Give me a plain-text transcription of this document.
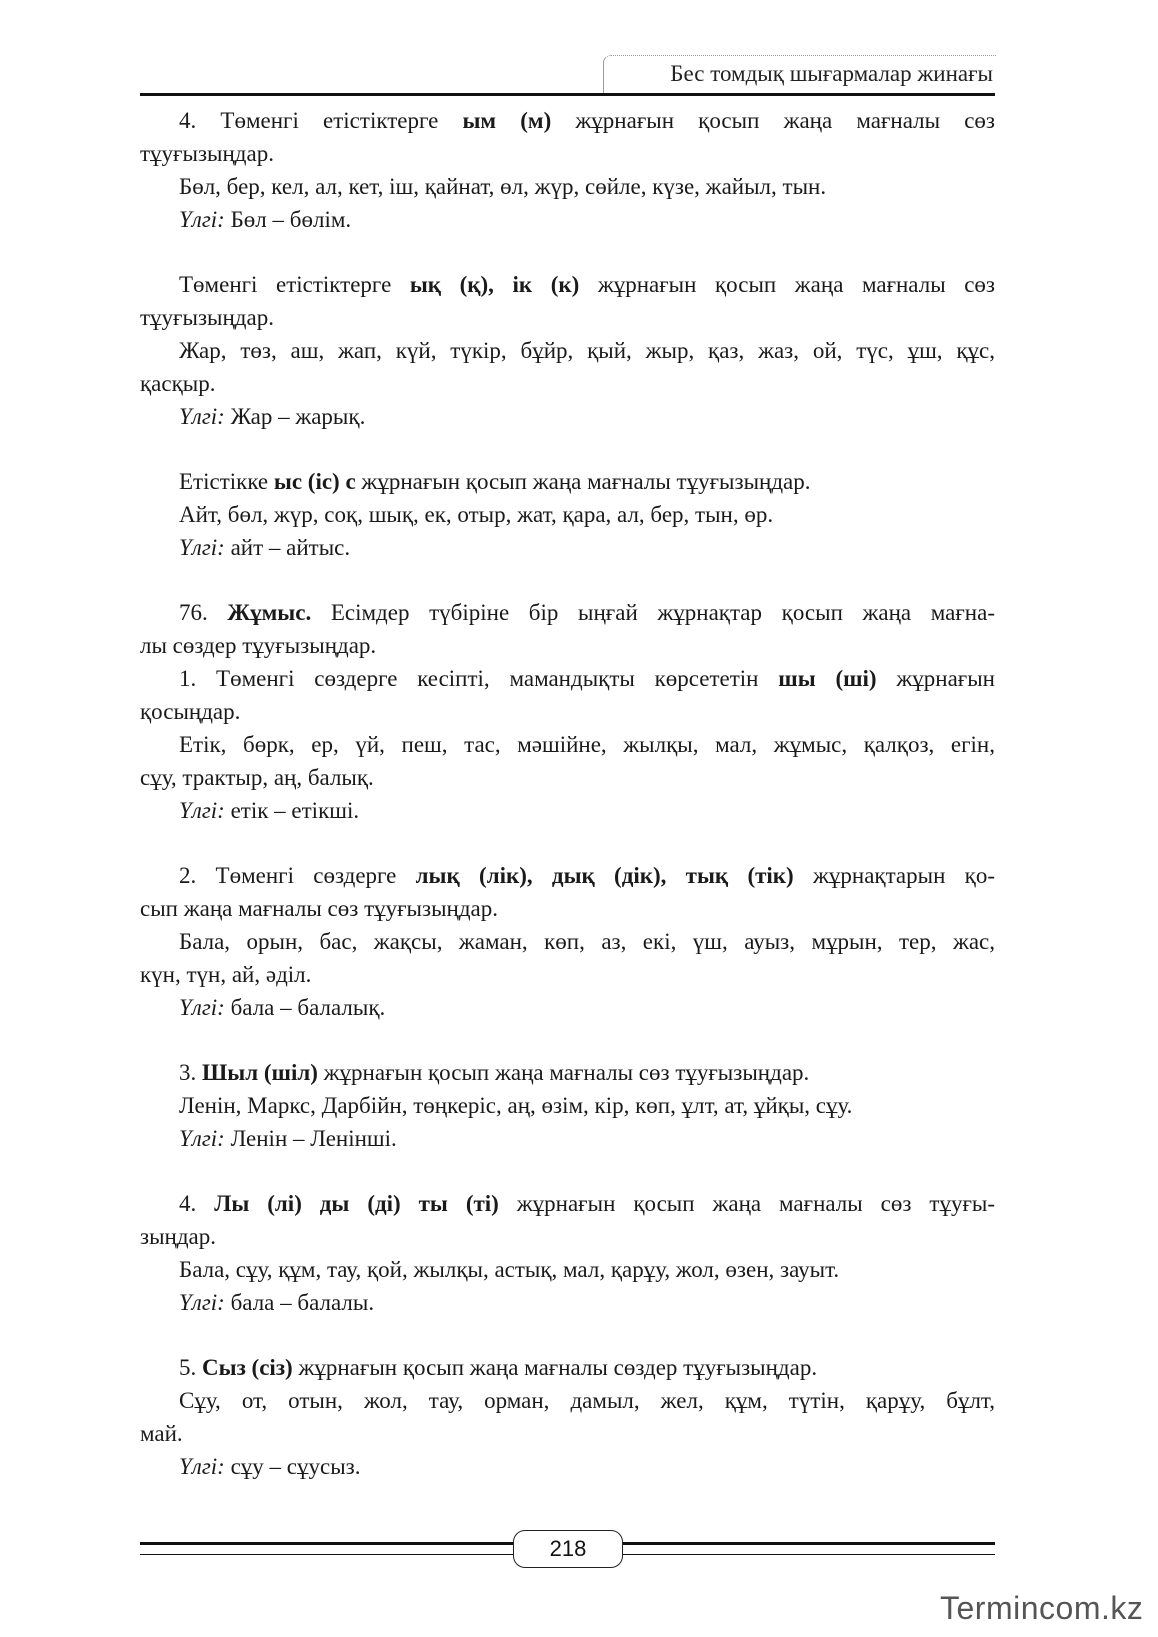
Бес томдық шығармалар жинағы
4. Төменгі етістіктерге ым (м) жұрнағын қосып жаңа мағналы сөз
тұуғызыңдар.
Бөл, бер, кел, ал, кет, іш, қайнат, өл, жүр, сөйле, күзе, жайыл, тын.
Үлгі: Бөл – бөлім.
Төменгі етістіктерге ық (қ), ік (к) жұрнағын қосып жаңа мағналы сөз
тұуғызыңдар.
Жар, төз, аш, жап, күй, түкір, бұйр, қый, жыр, қаз, жаз, ой, түс, ұш, құс,
қасқыр.
Үлгі: Жар – жарық.
Етістікке ыс (іс) с жұрнағын қосып жаңа мағналы тұуғызыңдар.
Айт, бөл, жүр, соқ, шық, ек, отыр, жат, қара, ал, бер, тын, өр.
Үлгі: айт – айтыс.
76. Жұмыс. Есімдер түбіріне бір ыңғай жұрнақтар қосып жаңа мағна-
лы сөздер тұуғызыңдар.
1. Төменгі сөздерге кесіпті, мамандықты көрсететін шы (ші) жұрнағын
қосыңдар.
Етік, бөрк, ер, үй, пеш, тас, мәшійне, жылқы, мал, жұмыс, қалқоз, егін,
сұу, трактыр, аң, балық.
Үлгі: етік – етікші.
2. Төменгі сөздерге лық (лік), дық (дік), тық (тік) жұрнақтарын қо-
сып жаңа мағналы сөз тұуғызыңдар.
Бала, орын, бас, жақсы, жаман, көп, аз, екі, үш, ауыз, мұрын, тер, жас,
күн, түн, ай, әділ.
Үлгі: бала – балалық.
3. Шыл (шіл) жұрнағын қосып жаңа мағналы сөз тұуғызыңдар.
Ленін, Маркс, Дарбійн, төңкеріс, аң, өзім, кір, көп, ұлт, ат, ұйқы, сұу.
Үлгі: Ленін – Ленінші.
4. Лы (лі) ды (ді) ты (ті) жұрнағын қосып жаңа мағналы сөз тұуғы-
зыңдар.
Бала, сұу, құм, тау, қой, жылқы, астық, мал, қарұу, жол, өзен, зауыт.
Үлгі: бала – балалы.
5. Сыз (сіз) жұрнағын қосып жаңа мағналы сөздер тұуғызыңдар.
Сұу, от, отын, жол, тау, орман, дамыл, жел, құм, түтін, қарұу, бұлт,
май.
Үлгі: сұу – сұусыз.
218
Termincom.kz
